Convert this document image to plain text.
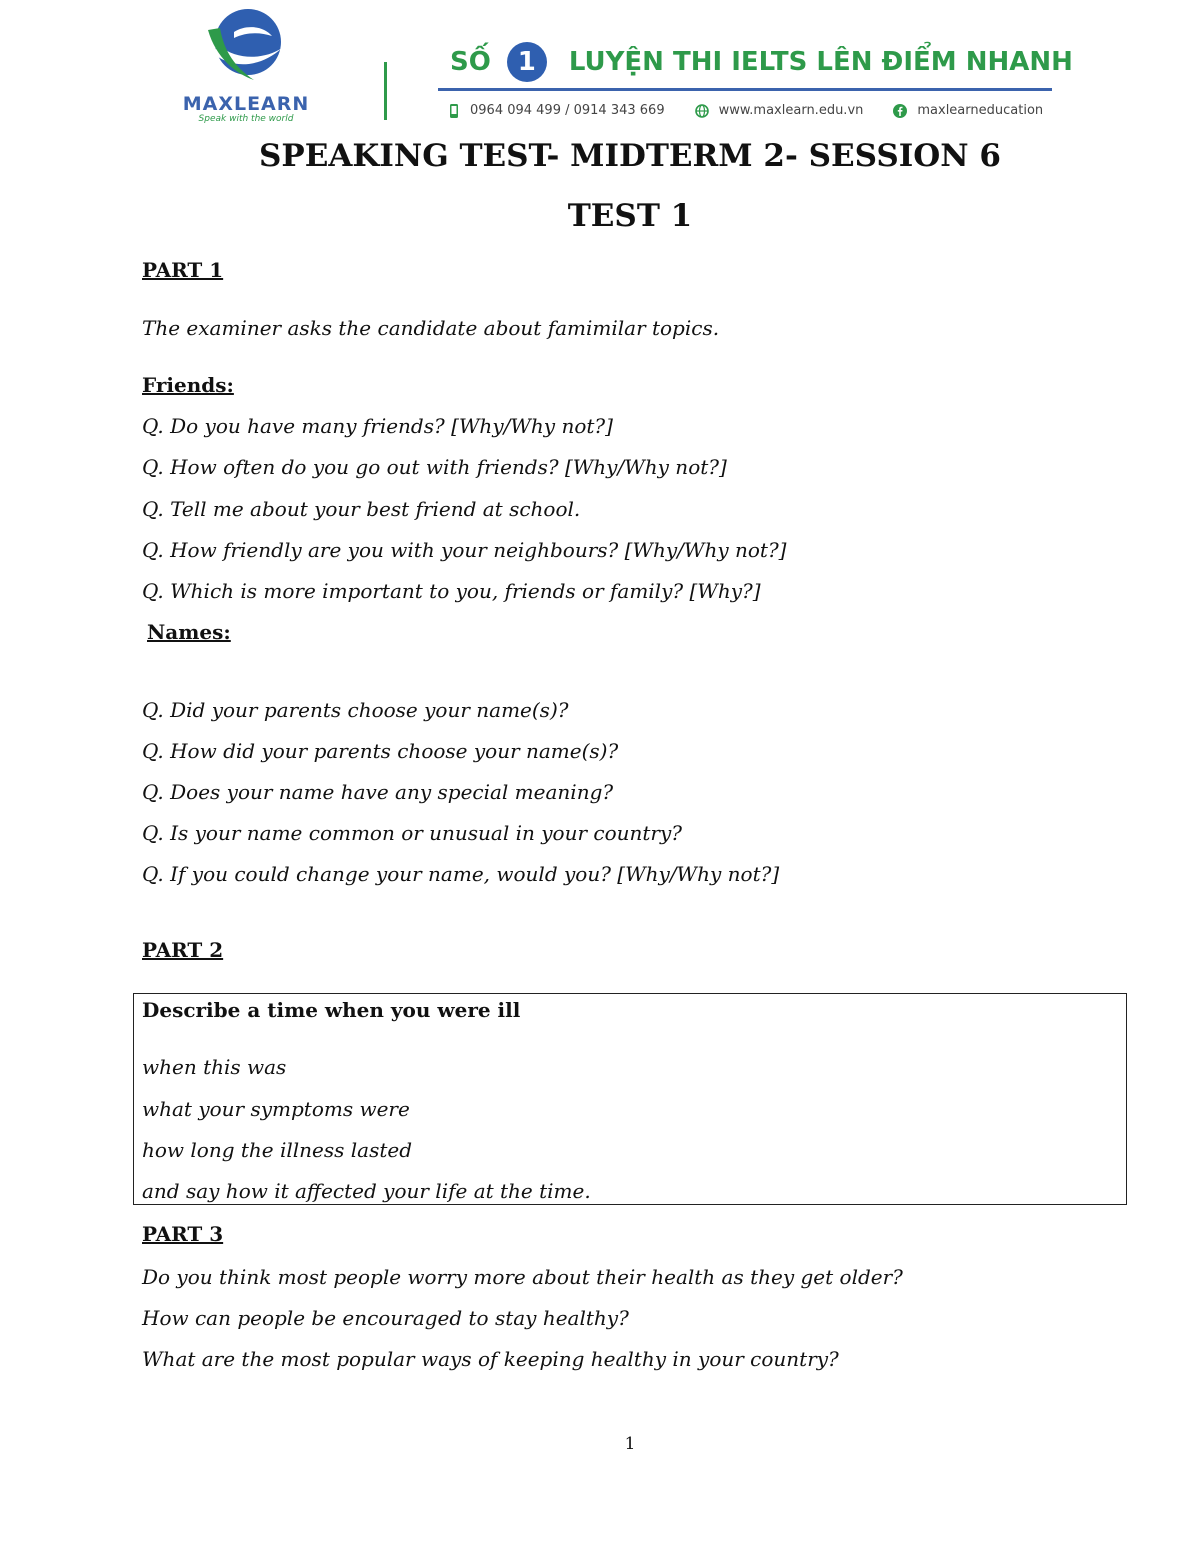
MAXLEARN
Speak with the world
SỐ	1	LUYỆN THI IELTS LÊN ĐIỂM NHANH
0964 094 499 / 0914 343 669	www.maxlearn.edu.vn	maxlearneducation
SPEAKING TEST- MIDTERM 2- SESSION 6
TEST 1
PART 1
The examiner asks the candidate about famimilar topics.
Friends:
Q. Do you have many friends? [Why/Why not?]
Q. How often do you go out with friends? [Why/Why not?]
Q. Tell me about your best friend at school.
Q. How friendly are you with your neighbours? [Why/Why not?]
Q. Which is more important to you, friends or family? [Why?]
Names:
Q. Did your parents choose your name(s)?
Q. How did your parents choose your name(s)?
Q. Does your name have any special meaning?
Q. Is your name common or unusual in your country?
Q. If you could change your name, would you? [Why/Why not?]
PART 2
Describe a time when you were ill
when this was
what your symptoms were
how long the illness lasted
and say how it affected your life at the time.
PART 3
Do you think most people worry more about their health as they get older?
How can people be encouraged to stay healthy?
What are the most popular ways of keeping healthy in your country?
1
